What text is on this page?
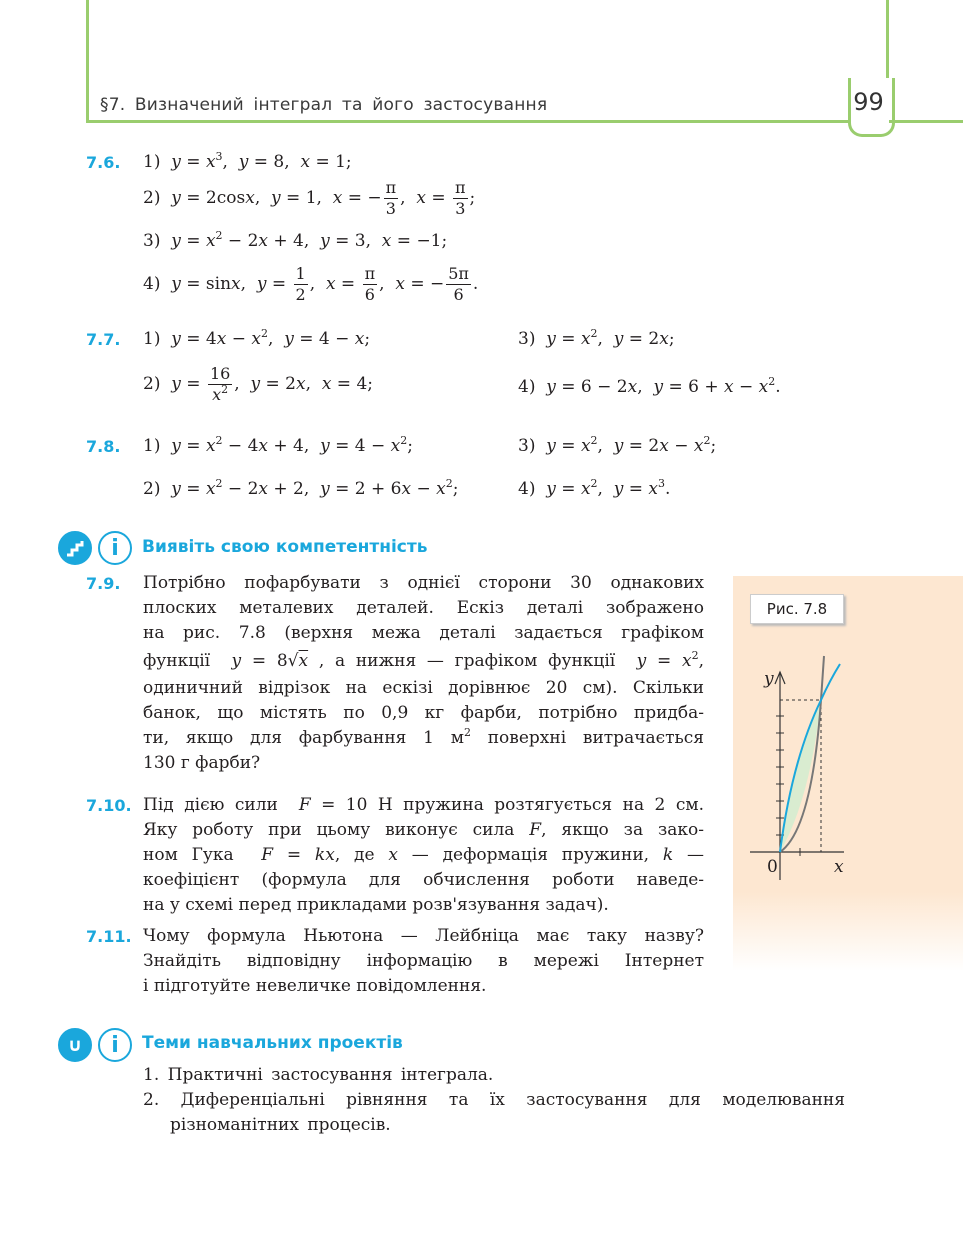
§7. Визначений інтеграл та його застосування	99
7.6. 1)  $y = x^3$,  y = 8,  x = 1;
2)  y = 2cosx,  y = 1,  x = − $\frac{\pi}{3}$ ,  $x = \frac{\pi}{3}$ ;
3)  $y = x^2 - 2x + 4$,  y = 3,  x = −1;
4)  y = sinx,  $y = \frac{1}{2}$ ,  $x = \frac{\pi}{6}$ ,  x = − $\frac{5\pi}{6}$ .
7.7. 1)  $y = 4x - x^2$,  y = 4 − x;	3)  $y = x^2$,  y = 2x;
2)  $y = \frac{16}{x^2}$ ,  y = 2x,  x = 4;	4)  y = 6 − 2x,  $y = 6 + x - x^2$.
7.8. 1)  $y = x^2 - 4x + 4$,  $y = 4 - x^2$;	3)  $y = x^2$,  $y = 2x - x^2$;
2)  $y = x^2 - 2x + 2$,  $y = 2 + 6x - x^2$;	4)  $y = x^2$,  $y = x^3$.
i	Виявіть свою компетентність
7.9. Потрібно пофарбувати з однієї сторони 30 однакових
плоских металевих деталей. Ескіз деталі зображено
на рис. 7.8 (верхня межа деталі задається графіком
функції  y = 8√x , а нижня — графіком функції  $y = x^2$,
одиничний відрізок на ескізі дорівнює 20 см). Скільки
банок, що містять по 0,9 кг фарби, потрібно придба-
ти, якщо для фарбування 1 $м^2$ поверхні витрачається
130 г фарби?
7.10. Під дією сили  F = 10 Н пружина розтягується на 2 см.
Яку роботу при цьому виконує сила F, якщо за зако-
ном Гука  F = kx, де x — деформація пружини, k —
коефіцієнт (формула для обчислення роботи наведе-
на у схемі перед прикладами розв'язування задач).
7.11. Чому формула Ньютона — Лейбніца має таку назву?
Знайдіть відповідну інформацію в мережі Інтернет
і підготуйте невеличке повідомлення.
Рис. 7.8
y
0	x
∪	i	Теми навчальних проектів
1. Практичні застосування інтеграла.
2. Диференціальні рівняння та їх застосування для моделювання
різноманітних процесів.
